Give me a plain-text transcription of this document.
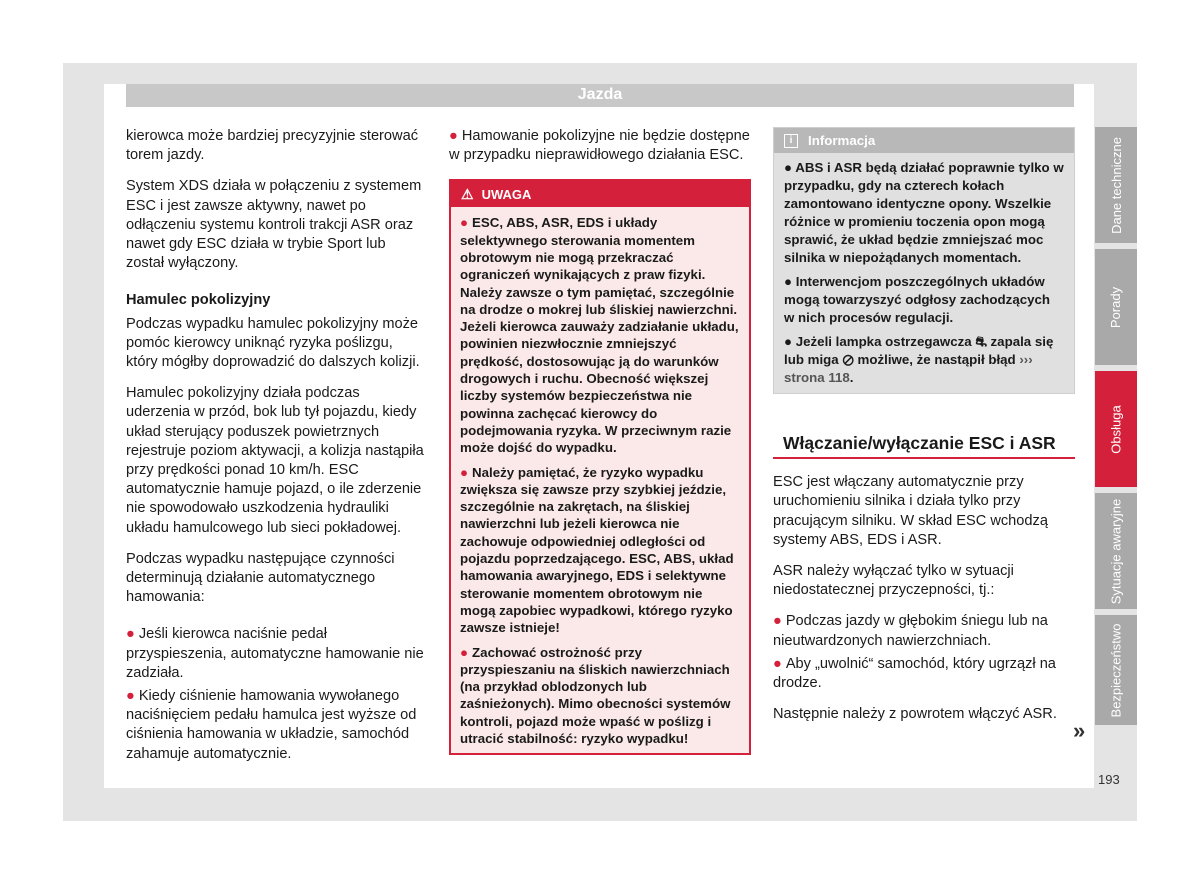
Jazda

kierowca może bardziej precyzyjnie sterować torem jazdy.

System XDS działa w połączeniu z systemem ESC i jest zawsze aktywny, nawet po odłączeniu systemu kontroli trakcji ASR oraz nawet gdy ESC działa w trybie Sport lub został wyłączony.

Hamulec pokolizyjny

Podczas wypadku hamulec pokolizyjny może pomóc kierowcy uniknąć ryzyka poślizgu, który mógłby doprowadzić do dalszych kolizji.

Hamulec pokolizyjny działa podczas uderzenia w przód, bok lub tył pojazdu, kiedy układ sterujący poduszek powietrznych rejestruje poziom aktywacji, a kolizja nastąpiła przy prędkości ponad 10 km/h. ESC automatycznie hamuje pojazd, o ile zderzenie nie spowodowało uszkodzenia hydrauliki układu hamulcowego lub sieci pokładowej.

Podczas wypadku następujące czynności determinują działanie automatycznego hamowania:

● Jeśli kierowca naciśnie pedał przyspieszenia, automatyczne hamowanie nie zadziała.

● Kiedy ciśnienie hamowania wywołanego naciśnięciem pedału hamulca jest wyższe od ciśnienia hamowania w układzie, samochód zahamuje automatycznie.

● Hamowanie pokolizyjne nie będzie dostępne w przypadku nieprawidłowego działania ESC.

⚠ UWAGA

● ESC, ABS, ASR, EDS i układy selektywnego sterowania momentem obrotowym nie mogą przekraczać ograniczeń wynikających z praw fizyki. Należy zawsze o tym pamiętać, szczególnie na drodze o mokrej lub śliskiej nawierzchni. Jeżeli kierowca zauważy zadziałanie układu, powinien niezwłocznie zmniejszyć prędkość, dostosowując ją do warunków drogowych i ruchu. Obecność większej liczby systemów bezpieczeństwa nie powinna zachęcać kierowcy do podejmowania ryzyka. W przeciwnym razie może dojść do wypadku.

● Należy pamiętać, że ryzyko wypadku zwiększa się zawsze przy szybkiej jeździe, szczególnie na zakrętach, na śliskiej nawierzchni lub jeżeli kierowca nie zachowuje odpowiedniej odległości od pojazdu poprzedzającego. ESC, ABS, układ hamowania awaryjnego, EDS i selektywne sterowanie momentem obrotowym nie mogą zapobiec wypadkowi, którego ryzyko zawsze istnieje!

● Zachować ostrożność przy przyspieszaniu na śliskich nawierzchniach (na przykład oblodzonych lub zaśnieżonych). Mimo obecności systemów kontroli, pojazd może wpaść w poślizg i utracić stabilność: ryzyko wypadku!

i	Informacja

● ABS i ASR będą działać poprawnie tylko w przypadku, gdy na czterech kołach zamontowano identyczne opony. Wszelkie różnice w promieniu toczenia opon mogą sprawić, że układ będzie zmniejszać moc silnika w niepożądanych momentach.

● Interwencjom poszczególnych układów mogą towarzyszyć odgłosy zachodzących w nich procesów regulacji.

● Jeżeli lampka ostrzegawcza ⛐ zapala się lub miga ⊘ możliwe, że nastąpił błąd ››› strona 118.

Włączanie/wyłączanie ESC i ASR

ESC jest włączany automatycznie przy uruchomieniu silnika i działa tylko przy pracującym silniku. W skład ESC wchodzą systemy ABS, EDS i ASR.

ASR należy wyłączać tylko w sytuacji niedostatecznej przyczepności, tj.:

● Podczas jazdy w głębokim śniegu lub na nieutwardzonych nawierzchniach.

● Aby „uwolnić“ samochód, który ugrzązł na drodze.

Następnie należy z powrotem włączyć ASR.

»
Dane techniczne
Porady
Obsługa
Sytuacje awaryjne
Bezpieczeństwo
193
